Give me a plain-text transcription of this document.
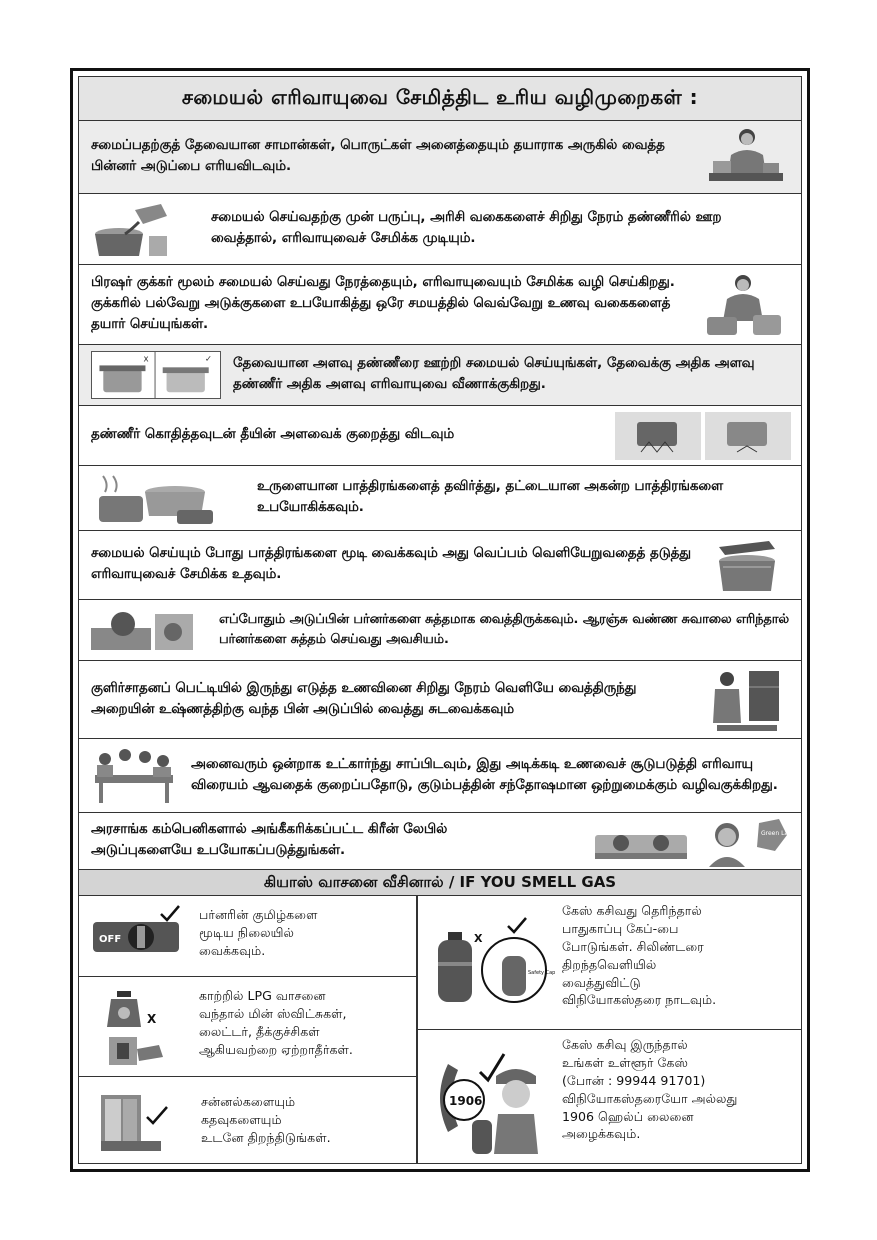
சமையல் எரிவாயுவை சேமித்திட உரிய வழிமுறைகள் :
சமைப்பதற்குத் தேவையான சாமான்கள், பொருட்கள் அனைத்தையும் தயாராக அருகில் வைத்த பின்னர் அடுப்பை எரியவிடவும்.
சமையல் செய்வதற்கு முன் பருப்பு, அரிசி வகைகளைச் சிறிது நேரம் தண்ணீரில் ஊற வைத்தால், எரிவாயுவைச் சேமிக்க முடியும்.
பிரஷர் குக்கர் மூலம் சமையல் செய்வது நேரத்தையும், எரிவாயுவையும் சேமிக்க வழி செய்கிறது. குக்கரில் பல்வேறு அடுக்குகளை உபயோகித்து ஒரே சமயத்தில் வெவ்வேறு உணவு வகைகளைத் தயார் செய்யுங்கள்.
x	✓ தேவையான அளவு தண்ணீரை ஊற்றி சமையல் செய்யுங்கள், தேவைக்கு அதிக அளவு தண்ணீர் அதிக அளவு எரிவாயுவை வீணாக்குகிறது.
தண்ணீர் கொதித்தவுடன் தீயின் அளவைக் குறைத்து விடவும்
உருளையான பாத்திரங்களைத் தவிர்த்து, தட்டையான அகன்ற பாத்திரங்களை உபயோகிக்கவும்.
சமையல் செய்யும் போது பாத்திரங்களை மூடி வைக்கவும் அது வெப்பம் வெளியேறுவதைத் தடுத்து எரிவாயுவைச் சேமிக்க உதவும்.
எப்போதும் அடுப்பின் பர்னர்களை சுத்தமாக வைத்திருக்கவும். ஆரஞ்சு வண்ண சுவாலை எரிந்தால் பர்னர்களை சுத்தம் செய்வது அவசியம்.
குளிர்சாதனப் பெட்டியில் இருந்து எடுத்த உணவினை சிறிது நேரம் வெளியே வைத்திருந்து அறையின் உஷ்ணத்திற்கு வந்த பின் அடுப்பில் வைத்து சுடவைக்கவும்
அனைவரும் ஒன்றாக உட்கார்ந்து சாப்பிடவும், இது அடிக்கடி உணவைச் சூடுபடுத்தி எரிவாயு விரையம் ஆவதைக் குறைப்பதோடு, குடும்பத்தின் சந்தோஷமான ஒற்றுமைக்கும் வழிவகுக்கிறது.
அரசாங்க கம்பெனிகளால் அங்கீகரிக்கப்பட்ட கிரீன் லேபில் அடுப்புகளையே உபயோகப்படுத்துங்கள்.
Green Label
கியாஸ் வாசனை வீசினால் / IF YOU SMELL GAS
OFF
பர்னரின் குமிழ்களை
மூடிய நிலையில்
வைக்கவும்.
X
காற்றில் LPG வாசனை
வந்தால் மின் ஸ்விட்சுகள்,
லைட்டர், தீக்குச்சிகள்
ஆகியவற்றை ஏற்றாதீர்கள்.
சன்னல்களையும்
கதவுகளையும்
உடனே திறந்திடுங்கள்.
X
Safety Cap
கேஸ் கசிவது தெரிந்தால்
பாதுகாப்பு கேப்-பை
போடுங்கள். சிலிண்டரை
திறந்தவெளியில்
வைத்துவிட்டு
விநியோகஸ்தரை நாடவும்.
1906
கேஸ் கசிவு இருந்தால்
உங்கள் உள்ளூர் கேஸ்
(போன் : 99944 91701)
விநியோகஸ்தரையோ அல்லது
1906 ஹெல்ப் லைனை
அழைக்கவும்.
